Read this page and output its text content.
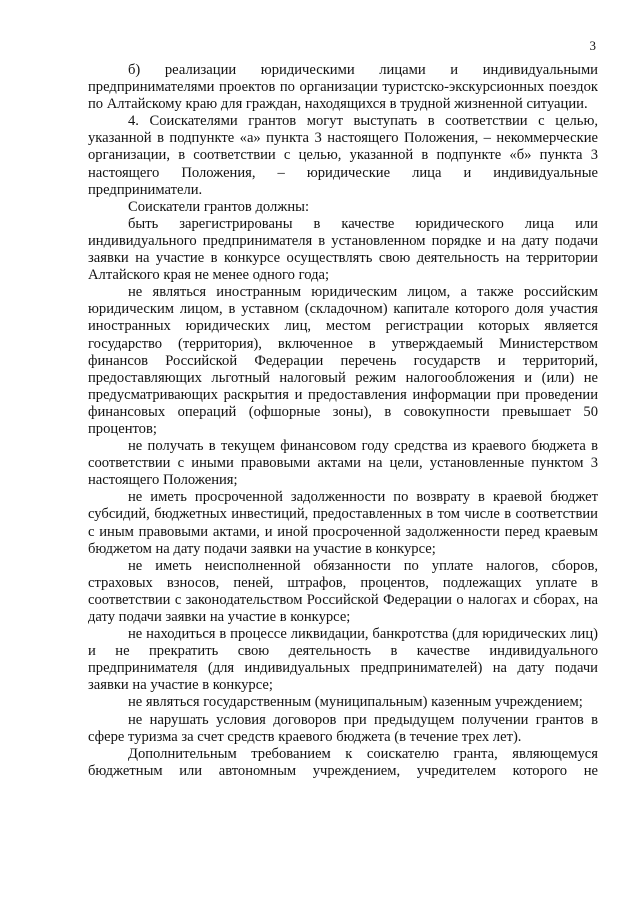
3

б) реализации юридическими лицами и индивидуальными предпринимателями проектов по организации туристско-экскурсионных поездок по Алтайскому краю для граждан, находящихся в трудной жизненной ситуации.

4. Соискателями грантов могут выступать в соответствии с целью, указанной в подпункте «а» пункта 3 настоящего Положения, – некоммерческие организации, в соответствии с целью, указанной в подпункте «б» пункта 3 настоящего Положения, – юридические лица и индивидуальные предприниматели.

Соискатели грантов должны:

быть зарегистрированы в качестве юридического лица или индивидуального предпринимателя в установленном порядке и на дату подачи заявки на участие в конкурсе осуществлять свою деятельность на территории Алтайского края не менее одного года;

не являться иностранным юридическим лицом, а также российским юридическим лицом, в уставном (складочном) капитале которого доля участия иностранных юридических лиц, местом регистрации которых является государство (территория), включенное в утверждаемый Министерством финансов Российской Федерации перечень государств и территорий, предоставляющих льготный налоговый режим налогообложения и (или) не предусматривающих раскрытия и предоставления информации при проведении финансовых операций (офшорные зоны), в совокупности превышает 50 процентов;

не получать в текущем финансовом году средства из краевого бюджета в соответствии с иными правовыми актами на цели, установленные пунктом 3 настоящего Положения;

не иметь просроченной задолженности по возврату в краевой бюджет субсидий, бюджетных инвестиций, предоставленных в том числе в соответствии с иным правовыми актами, и иной просроченной задолженности перед краевым бюджетом на дату подачи заявки на участие в конкурсе;

не иметь неисполненной обязанности по уплате налогов, сборов, страховых взносов, пеней, штрафов, процентов, подлежащих уплате в соответствии с законодательством Российской Федерации о налогах и сборах, на дату подачи заявки на участие в конкурсе;

не находиться в процессе ликвидации, банкротства (для юридических лиц) и не прекратить свою деятельность в качестве индивидуального предпринимателя (для индивидуальных предпринимателей) на дату подачи заявки на участие в конкурсе;

не являться государственным (муниципальным) казенным учреждением;

не нарушать условия договоров при предыдущем получении грантов в сфере туризма за счет средств краевого бюджета (в течение трех лет).

Дополнительным требованием к соискателю гранта, являющемуся бюджетным или автономным учреждением, учредителем которого не
